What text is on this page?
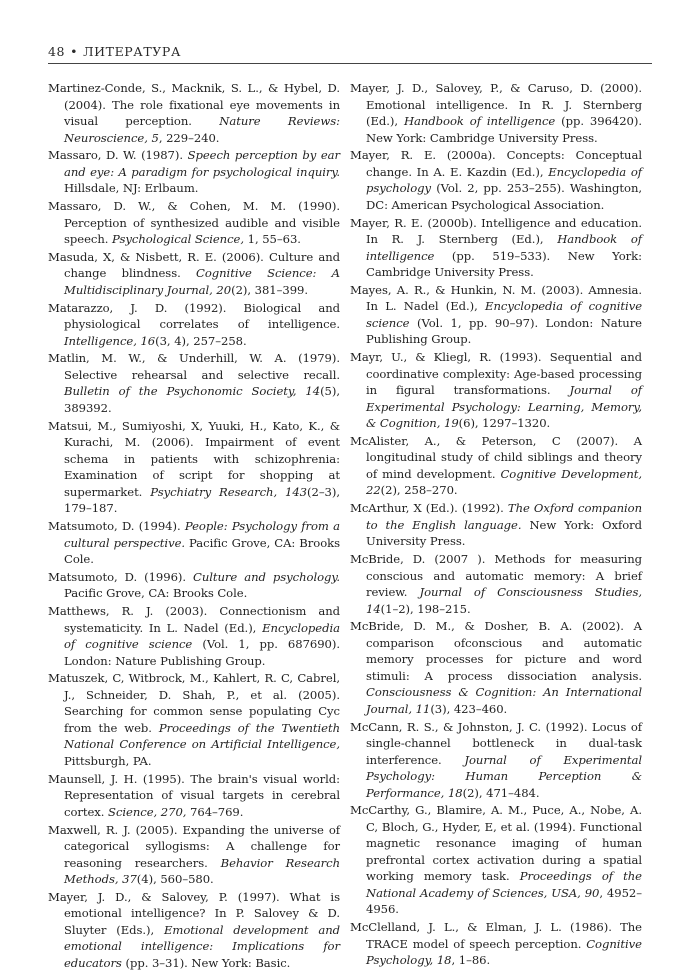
48 • ЛИТЕРАТУРА

Martinez-Conde, S., Macknik, S. L., & Hybel, D. (2004). The role fixational eye movements in visual perception. Nature Reviews: Neuroscience, 5, 229–240.

Massaro, D. W. (1987). Speech perception by ear and eye: A paradigm for psychological inquiry. Hillsdale, NJ: Erlbaum.

Massaro, D. W., & Cohen, M. M. (1990). Perception of synthesized audible and visible speech. Psychological Science, 1, 55–63.

Masuda, X, & Nisbett, R. E. (2006). Culture and change blindness. Cognitive Science: A Multidisciplinary Journal, 20(2), 381–399.

Matarazzo, J. D. (1992). Biological and physiological correlates of intelligence. Intelligence, 16(3, 4), 257–258.

Matlin, M. W., & Underhill, W. A. (1979). Selective rehearsal and selective recall. Bulletin of the Psychonomic Society, 14(5), 389392.

Matsui, M., Sumiyoshi, X, Yuuki, H., Kato, K., & Kurachi, M. (2006). Impairment of event schema in patients with schizophrenia: Examination of script for shopping at supermarket. Psychiatry Research, 143(2–3), 179–187.

Matsumoto, D. (1994). People: Psychology from a cultural perspective. Pacific Grove, CA: Brooks Cole.

Matsumoto, D. (1996). Culture and psychology. Pacific Grove, CA: Brooks Cole.

Matthews, R. J. (2003). Connectionism and systematicity. In L. Nadel (Ed.), Encyclopedia of cognitive science (Vol. 1, pp. 687690). London: Nature Publishing Group.

Matuszek, C, Witbrock, M., Kahlert, R. C, Cabrel, J., Schneider, D. Shah, P., et al. (2005). Searching for common sense populating Cyc from the web. Proceedings of the Twentieth National Conference on Artificial Intelligence, Pittsburgh, PA.

Maunsell, J. H. (1995). The brain's visual world: Representation of visual targets in cerebral cortex. Science, 270, 764–769.

Maxwell, R. J. (2005). Expanding the universe of categorical syllogisms: A challenge for reasoning researchers. Behavior Research Methods, 37(4), 560–580.

Mayer, J. D., & Salovey, P. (1997). What is emotional intelligence? In P. Salovey & D. Sluyter (Eds.), Emotional development and emotional intelligence: Implications for educators (pp. 3–31). New York: Basic.

Mayer, J. D., Salovey, P., & Caruso, D. (2000). Emotional intelligence. In R. J. Sternberg (Ed.), Handbook of intelligence (pp. 396420). New York: Cambridge University Press.

Mayer, R. E. (2000a). Concepts: Conceptual change. In A. E. Kazdin (Ed.), Encyclopedia of psychology (Vol. 2, pp. 253–255). Washington, DC: American Psychological Association.

Mayer, R. E. (2000b). Intelligence and education. In R. J. Sternberg (Ed.), Handbook of intelligence (pp. 519–533). New York: Cambridge University Press.

Mayes, A. R., & Hunkin, N. M. (2003). Amnesia. In L. Nadel (Ed.), Encyclopedia of cognitive science (Vol. 1, pp. 90–97). London: Nature Publishing Group.

Mayr, U., & Kliegl, R. (1993). Sequential and coordinative complexity: Age-based processing in figural transformations. Journal of Experimental Psychology: Learning, Memory, & Cognition, 19(6), 1297–1320.

McAlister, A., & Peterson, C (2007). A longitudinal study of child siblings and theory of mind development. Cognitive Development, 22(2), 258–270.

McArthur, X (Ed.). (1992). The Oxford companion to the English language. New York: Oxford University Press.

McBride, D. (2007 ). Methods for measuring conscious and automatic memory: A brief review. Journal of Consciousness Studies, 14(1–2), 198–215.

McBride, D. M., & Dosher, B. A. (2002). A comparison ofconscious and automatic memory processes for picture and word stimuli: A process dissociation analysis. Consciousness & Cognition: An International Journal, 11(3), 423–460.

McCann, R. S., & Johnston, J. C. (1992). Locus of single-channel bottleneck in dual-task interference. Journal of Experimental Psychology: Human Perception & Performance, 18(2), 471–484.

McCarthy, G., Blamire, A. M., Puce, A., Nobe, A. C, Bloch, G., Hyder, E, et al. (1994). Functional magnetic resonance imaging of human prefrontal cortex activation during a spatial working memory task. Proceedings of the National Academy of Sciences, USA, 90, 4952–4956.

McClelland, J. L., & Elman, J. L. (1986). The TRACE model of speech perception. Cognitive Psychology, 18, 1–86.
